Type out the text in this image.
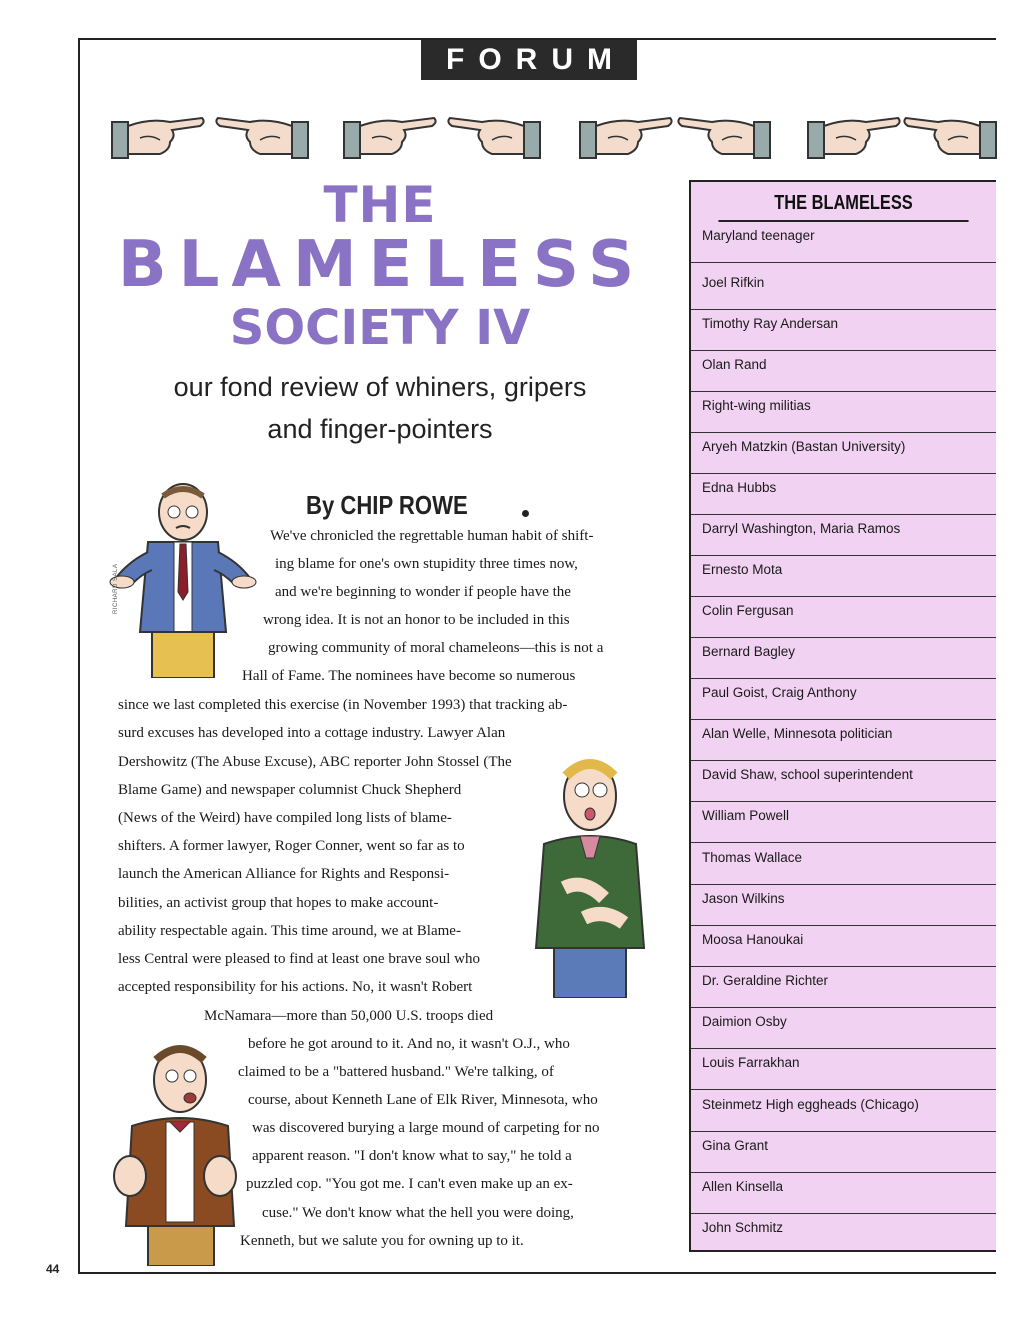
FORUM
THE
BLAMELESS
SOCIETY IV
our fond review of whiners, gripers
and finger-pointers
RICHARD SALA
By CHIP ROWE
We've chronicled the regrettable human habit of shift-
ing blame for one's own stupidity three times now,
and we're beginning to wonder if people have the
wrong idea. It is not an honor to be included in this
growing community of moral chameleons—this is not a
Hall of Fame. The nominees have become so numerous
since we last completed this exercise (in November 1993) that tracking ab-
surd excuses has developed into a cottage industry. Lawyer Alan
Dershowitz (The Abuse Excuse), ABC reporter John Stossel (The
Blame Game) and newspaper columnist Chuck Shepherd
(News of the Weird) have compiled long lists of blame-
shifters. A former lawyer, Roger Conner, went so far as to
launch the American Alliance for Rights and Responsi-
bilities, an activist group that hopes to make account-
ability respectable again. This time around, we at Blame-
less Central were pleased to find at least one brave soul who
accepted responsibility for his actions. No, it wasn't Robert
McNamara—more than 50,000 U.S. troops died
before he got around to it. And no, it wasn't O.J., who
claimed to be a "battered husband." We're talking, of
course, about Kenneth Lane of Elk River, Minnesota, who
was discovered burying a large mound of carpeting for no
apparent reason. "I don't know what to say," he told a
puzzled cop. "You got me. I can't even make up an ex-
cuse." We don't know what the hell you were doing,
Kenneth, but we salute you for owning up to it.
THE BLAMELESS
Maryland teenager
Joel Rifkin
Timothy Ray Andersan
Olan Rand
Right-wing militias
Aryeh Matzkin (Bastan University)
Edna Hubbs
Darryl Washington, Maria Ramos
Ernesto Mota
Colin Fergusan
Bernard Bagley
Paul Goist, Craig Anthony
Alan Welle, Minnesota politician
David Shaw, school superintendent
William Powell
Thomas Wallace
Jason Wilkins
Moosa Hanoukai
Dr. Geraldine Richter
Daimion Osby
Louis Farrakhan
Steinmetz High eggheads (Chicago)
Gina Grant
Allen Kinsella
John Schmitz
44
